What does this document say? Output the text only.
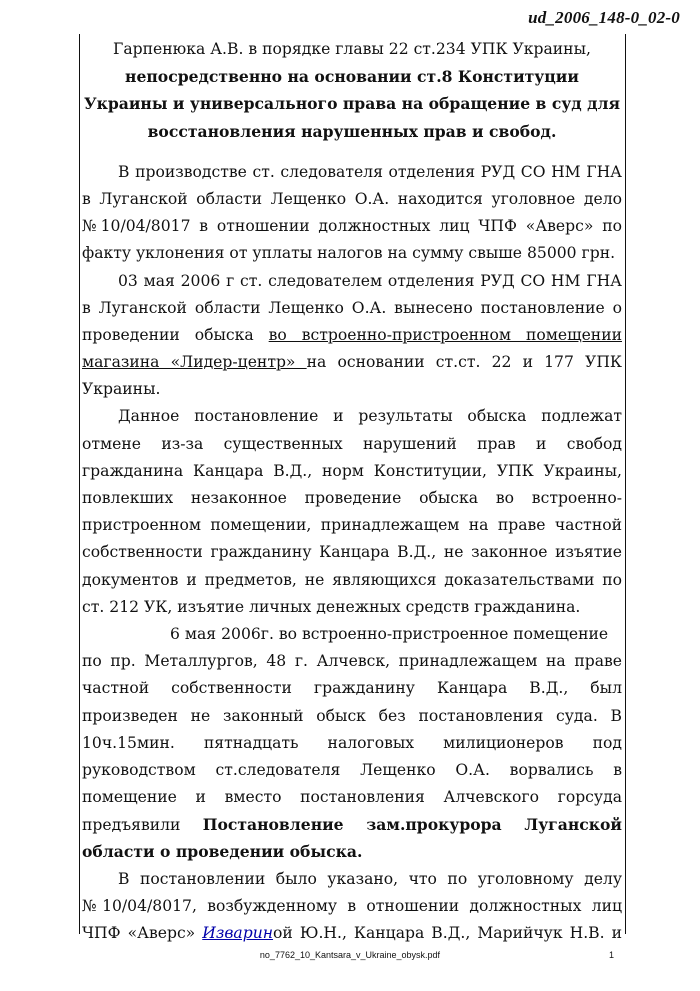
ud_2006_148-0_02-0
Гарпенюка А.В. в порядке главы 22 ст.234 УПК Украины,
непосредственно на основании ст.8 Конституции
Украины и универсального права на обращение в суд для
восстановления нарушенных прав и свобод.
В производстве ст. следователя отделения РУД СО НМ ГНА
в Луганской области Лещенко О.А. находится уголовное дело
№10/04/8017 в отношении должностных лиц ЧПФ «Аверс» по
факту уклонения от уплаты налогов на сумму свыше 85000 грн.
03 мая 2006 г ст. следователем отделения РУД СО НМ ГНА
в Луганской области Лещенко О.А. вынесено постановление о
проведении обыска во встроенно-пристроенном помещении
магазина «Лидер-центр» на основании ст.ст. 22 и 177 УПК
Украины.
Данное постановление и результаты обыска подлежат
отмене из-за существенных нарушений прав и свобод
гражданина Канцара В.Д., норм Конституции, УПК Украины,
повлекших незаконное проведение обыска во встроенно-
пристроенном помещении, принадлежащем на праве частной
собственности гражданину Канцара В.Д., не законное изъятие
документов и предметов, не являющихся доказательствами по
ст. 212 УК, изъятие личных денежных средств гражданина.
6 мая 2006г. во встроенно-пристроенное помещение
по пр. Металлургов, 48 г. Алчевск, принадлежащем на праве
частной собственности гражданину Канцара В.Д., был
произведен не законный обыск без постановления суда. В
10ч.15мин. пятнадцать налоговых милиционеров под
руководством ст.следователя Лещенко О.А. ворвались в
помещение и вместо постановления Алчевского горсуда
предъявили Постановление зам.прокурора Луганской
области о проведении обыска.
В постановлении было указано, что по уголовному делу
№10/04/8017, возбужденному в отношении должностных лиц
ЧПФ «Аверс» Извариной Ю.Н., Канцара В.Д., Марийчук Н.В. и
no_7762_10_Kantsara_v_Ukraine_obysk.pdf	1
